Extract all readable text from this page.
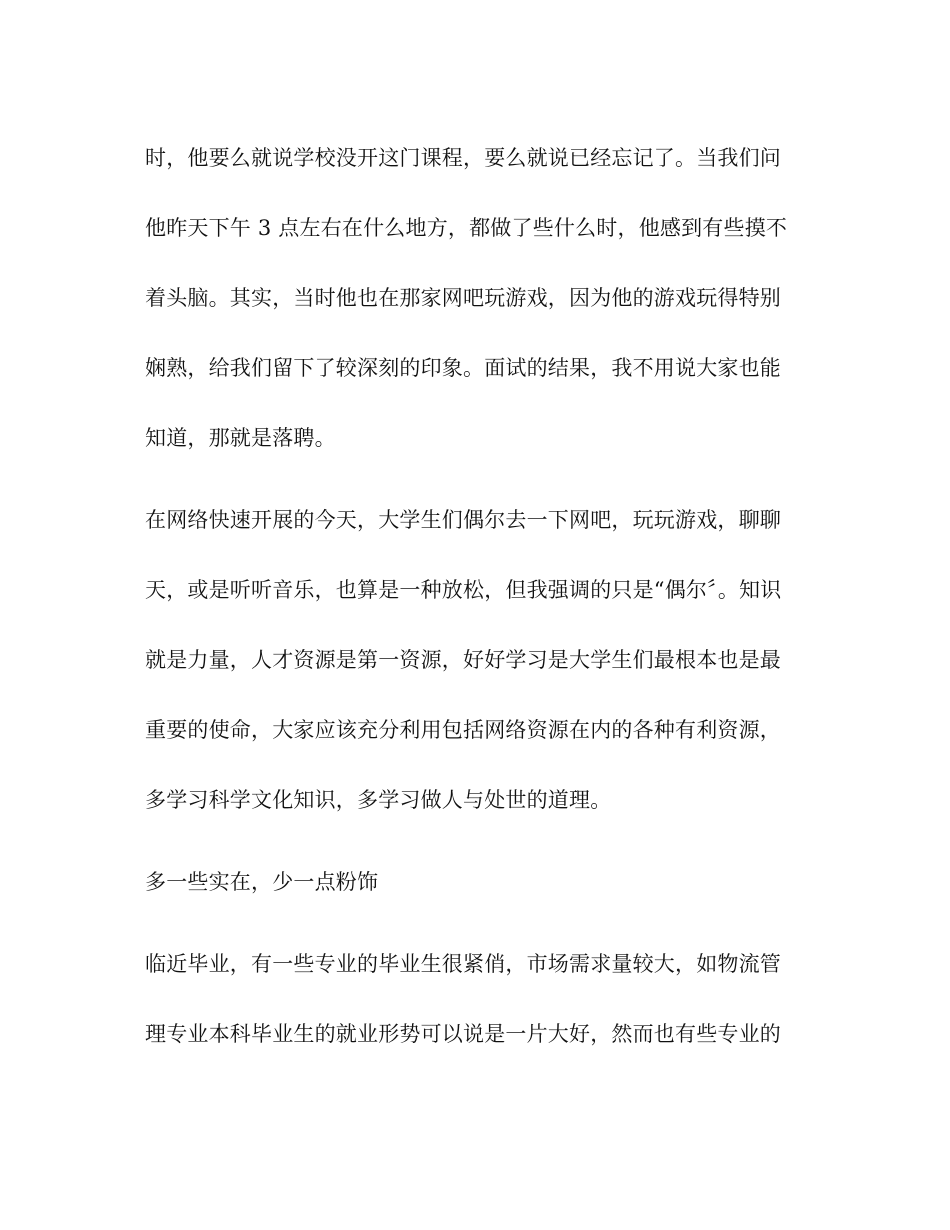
时，他要么就说学校没开这门课程，要么就说已经忘记了。当我们问
他昨天下午 3 点左右在什么地方，都做了些什么时，他感到有些摸不
着头脑。其实，当时他也在那家网吧玩游戏，因为他的游戏玩得特别
娴熟，给我们留下了较深刻的印象。面试的结果，我不用说大家也能
知道，那就是落聘。
在网络快速开展的今天，大学生们偶尔去一下网吧，玩玩游戏，聊聊
天，或是听听音乐，也算是一种放松，但我强调的只是“偶尔〞。知识
就是力量，人才资源是第一资源，好好学习是大学生们最根本也是最
重要的使命，大家应该充分利用包括网络资源在内的各种有利资源，
多学习科学文化知识，多学习做人与处世的道理。
多一些实在，少一点粉饰
临近毕业，有一些专业的毕业生很紧俏，市场需求量较大，如物流管
理专业本科毕业生的就业形势可以说是一片大好，然而也有些专业的
